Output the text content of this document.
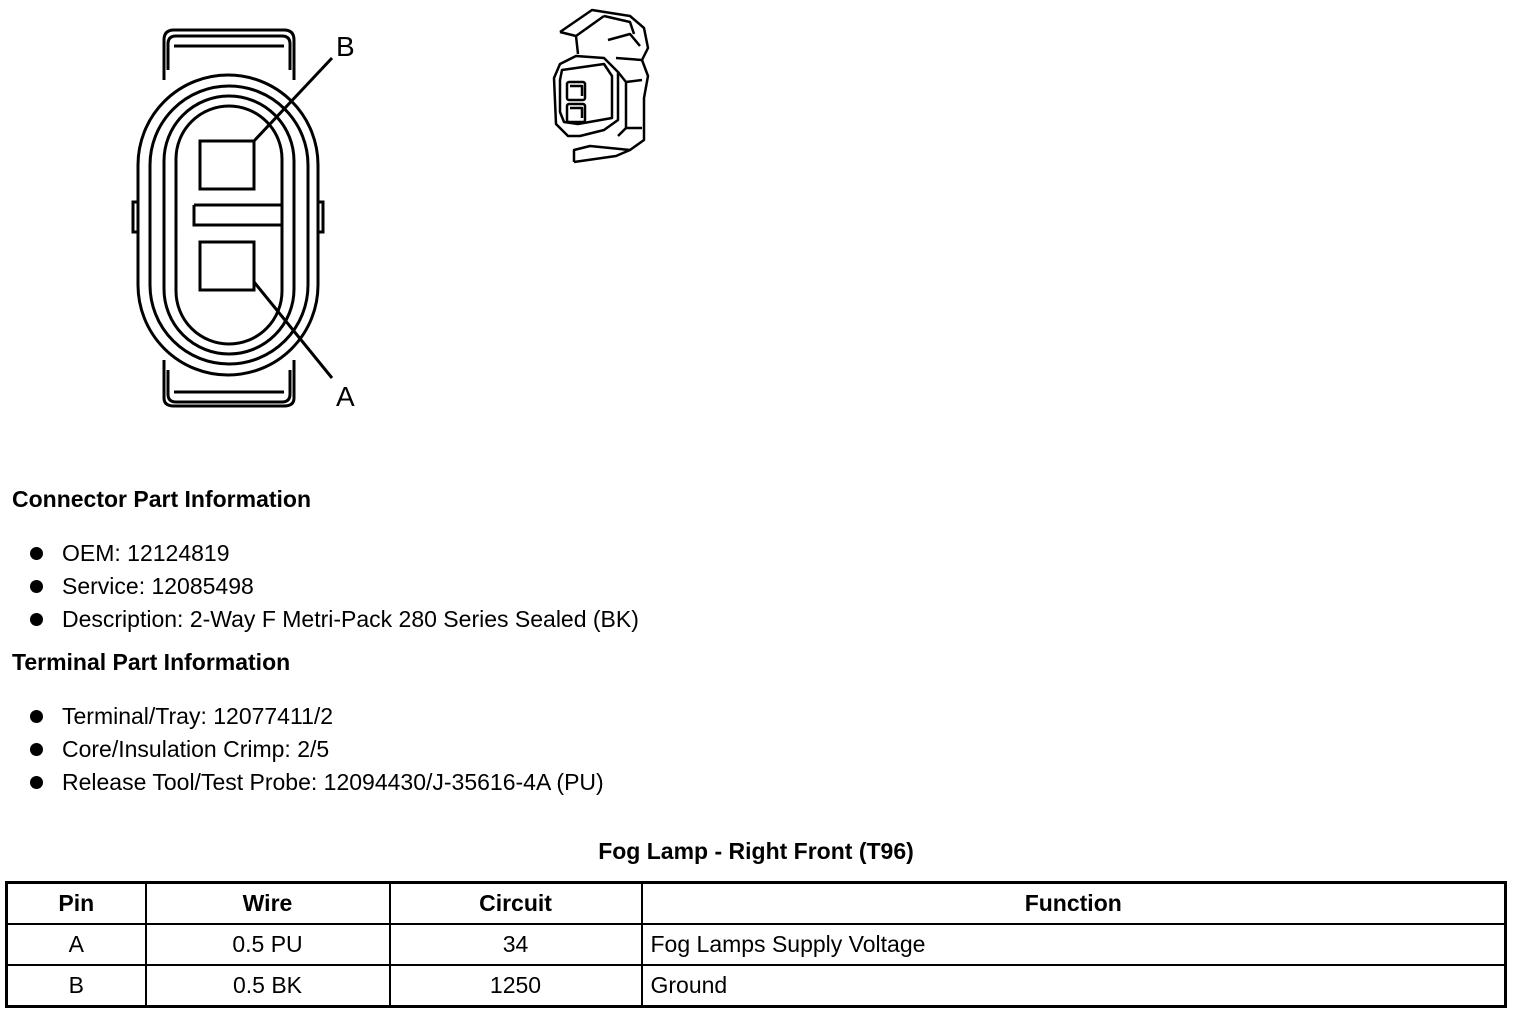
B
A
Connector Part Information
OEM: 12124819
Service: 12085498
Description: 2-Way F Metri-Pack 280 Series Sealed (BK)
Terminal Part Information
Terminal/Tray: 12077411/2
Core/Insulation Crimp: 2/5
Release Tool/Test Probe: 12094430/J-35616-4A (PU)
Fog Lamp - Right Front (T96)
Pin	Wire	Circuit	Function
A	0.5 PU	34	Fog Lamps Supply Voltage
B	0.5 BK	1250	Ground
